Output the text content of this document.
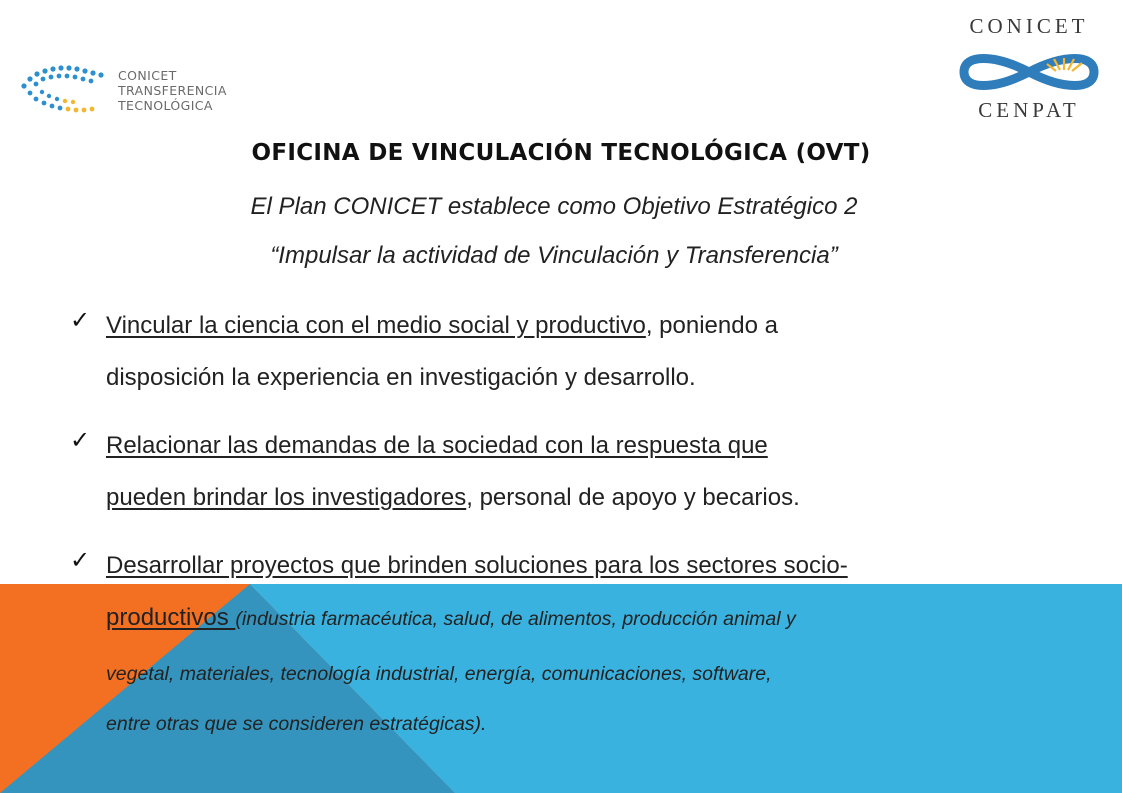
CONICET
TRANSFERENCIA
TECNOLÓGICA
CONICET
CENPAT
OFICINA DE VINCULACIÓN TECNOLÓGICA (OVT)
El Plan CONICET establece como Objetivo Estratégico 2
“Impulsar la actividad de Vinculación y Transferencia”
✓ Vincular la ciencia con el medio social y productivo, poniendo a
disposición la experiencia en investigación y desarrollo.
✓ Relacionar las demandas de la sociedad con la respuesta que
pueden brindar los investigadores, personal de apoyo y becarios.
✓ Desarrollar proyectos que brinden soluciones para los sectores socio-
productivos (industria farmacéutica, salud, de alimentos, producción animal y
vegetal, materiales, tecnología industrial, energía, comunicaciones, software,
entre otras que se consideren estratégicas).
